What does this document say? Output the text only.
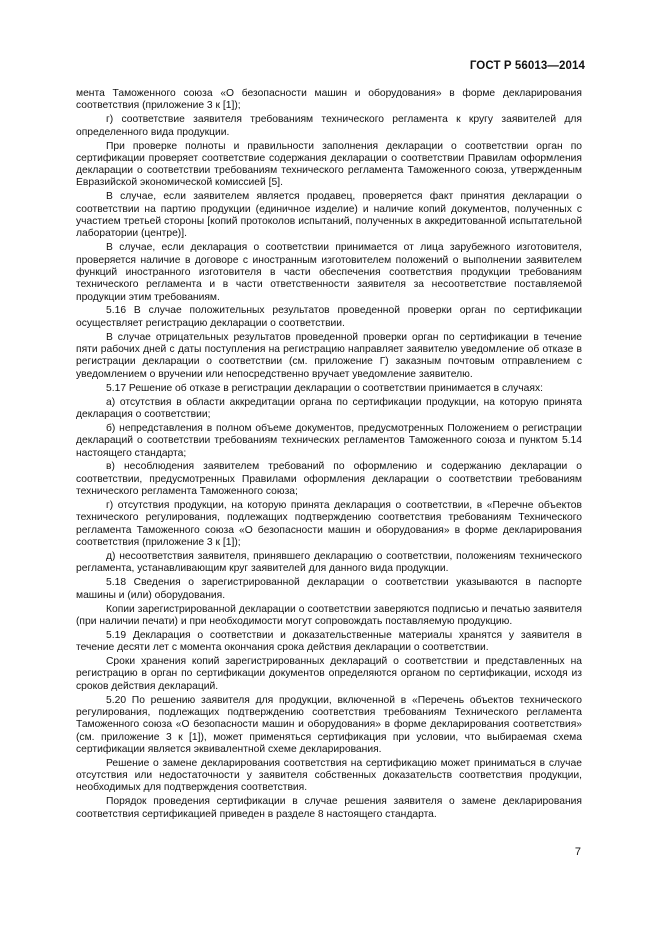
ГОСТ Р 56013—2014

мента Таможенного союза «О безопасности машин и оборудования» в форме декларирования соответствия (приложение 3 к [1]);

г) соответствие заявителя требованиям технического регламента к кругу заявителей для определенного вида продукции.

При проверке полноты и правильности заполнения декларации о соответствии орган по сертификации проверяет соответствие содержания декларации о соответствии Правилам оформления декларации о соответствии требованиям технического регламента Таможенного союза, утвержденным Евразийской экономической комиссией [5].

В случае, если заявителем является продавец, проверяется факт принятия декларации о соответствии на партию продукции (единичное изделие) и наличие копий документов, полученных с участием третьей стороны [копий протоколов испытаний, полученных в аккредитованной испытательной лаборатории (центре)].

В случае, если декларация о соответствии принимается от лица зарубежного изготовителя, проверяется наличие в договоре с иностранным изготовителем положений о выполнении заявителем функций иностранного изготовителя в части обеспечения соответствия продукции требованиям технического регламента и в части ответственности заявителя за несоответствие поставляемой продукции этим требованиям.

5.16 В случае положительных результатов проведенной проверки орган по сертификации осуществляет регистрацию декларации о соответствии.

В случае отрицательных результатов проведенной проверки орган по сертификации в течение пяти рабочих дней с даты поступления на регистрацию направляет заявителю уведомление об отказе в регистрации декларации о соответствии (см. приложение Г) заказным почтовым отправлением с уведомлением о вручении или непосредственно вручает уведомление заявителю.

5.17 Решение об отказе в регистрации декларации о соответствии принимается в случаях:

а) отсутствия в области аккредитации органа по сертификации продукции, на которую принята декларация о соответствии;

б) непредставления в полном объеме документов, предусмотренных Положением о регистрации деклараций о соответствии требованиям технических регламентов Таможенного союза и пунктом 5.14 настоящего стандарта;

в) несоблюдения заявителем требований по оформлению и содержанию декларации о соответствии, предусмотренных Правилами оформления декларации о соответствии требованиям технического регламента Таможенного союза;

г) отсутствия продукции, на которую принята декларация о соответствии, в «Перечне объектов технического регулирования, подлежащих подтверждению соответствия требованиям Технического регламента Таможенного союза «О безопасности машин и оборудования» в форме декларирования соответствия (приложение 3 к [1]);

д) несоответствия заявителя, принявшего декларацию о соответствии, положениям технического регламента, устанавливающим круг заявителей для данного вида продукции.

5.18 Сведения о зарегистрированной декларации о соответствии указываются в паспорте машины и (или) оборудования.

Копии зарегистрированной декларации о соответствии заверяются подписью и печатью заявителя (при наличии печати) и при необходимости могут сопровождать поставляемую продукцию.

5.19 Декларация о соответствии и доказательственные материалы хранятся у заявителя в течение десяти лет с момента окончания срока действия декларации о соответствии.

Сроки хранения копий зарегистрированных деклараций о соответствии и представленных на регистрацию в орган по сертификации документов определяются органом по сертификации, исходя из сроков действия деклараций.

5.20 По решению заявителя для продукции, включенной в «Перечень объектов технического регулирования, подлежащих подтверждению соответствия требованиям Технического регламента Таможенного союза «О безопасности машин и оборудования» в форме декларирования соответствия» (см. приложение 3 к [1]), может применяться сертификация при условии, что выбираемая схема сертификации является эквивалентной схеме декларирования.

Решение о замене декларирования соответствия на сертификацию может приниматься в случае отсутствия или недостаточности у заявителя собственных доказательств соответствия продукции, необходимых для подтверждения соответствия.

Порядок проведения сертификации в случае решения заявителя о замене декларирования соответствия сертификацией приведен в разделе 8 настоящего стандарта.

7
